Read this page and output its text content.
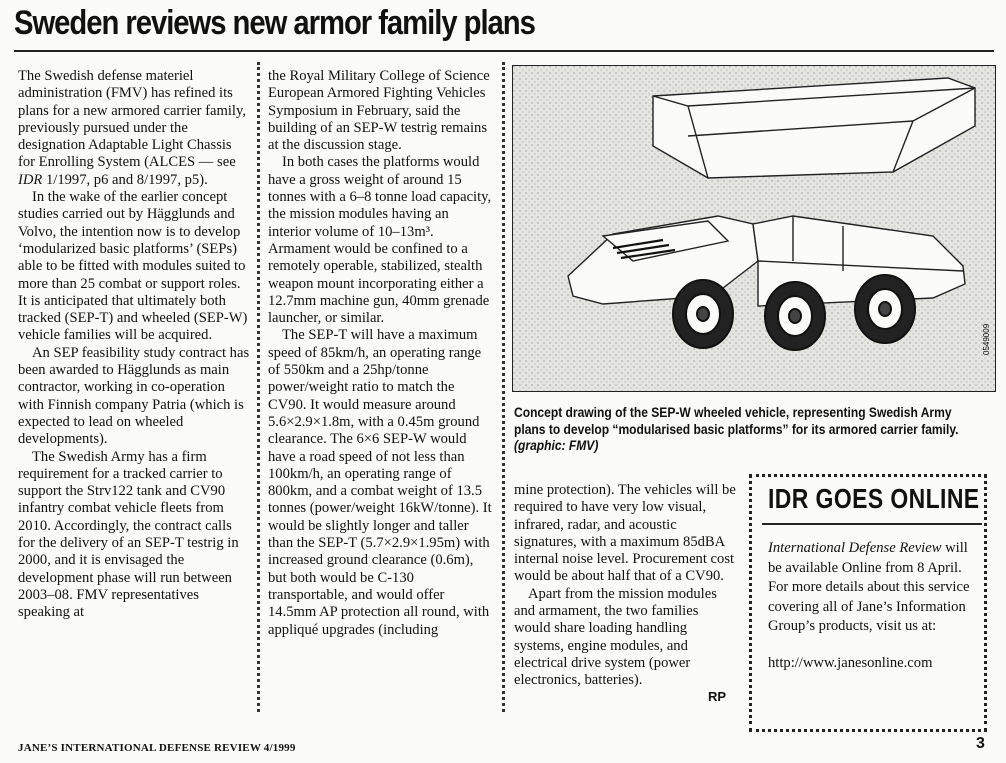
Sweden reviews new armor family plans

The Swedish defense materiel administration (FMV) has refined its plans for a new armored carrier family, previously pursued under the designation Adaptable Light Chassis for Enrolling System (ALCES — see IDR 1/1997, p6 and 8/1997, p5).

In the wake of the earlier concept studies carried out by Hägglunds and Volvo, the intention now is to develop ‘modularized basic platforms’ (SEPs) able to be fitted with modules suited to more than 25 combat or support roles. It is anticipated that ultimately both tracked (SEP-T) and wheeled (SEP-W) vehicle families will be acquired.

An SEP feasibility study contract has been awarded to Hägglunds as main contractor, working in co-operation with Finnish company Patria (which is expected to lead on wheeled developments).

The Swedish Army has a firm requirement for a tracked carrier to support the Strv122 tank and CV90 infantry combat vehicle fleets from 2010. Accordingly, the contract calls for the delivery of an SEP-T testrig in 2000, and it is envisaged the development phase will run between 2003–08. FMV representatives speaking at

the Royal Military College of Science European Armored Fighting Vehicles Symposium in February, said the building of an SEP-W testrig remains at the discussion stage.

In both cases the platforms would have a gross weight of around 15 tonnes with a 6–8 tonne load capacity, the mission modules having an interior volume of 10–13m³. Armament would be confined to a remotely operable, stabilized, stealth weapon mount incorporating either a 12.7mm machine gun, 40mm grenade launcher, or similar.

The SEP-T will have a maximum speed of 85km/h, an operating range of 550km and a 25hp/tonne power/weight ratio to match the CV90. It would measure around 5.6×2.9×1.8m, with a 0.45m ground clearance. The 6×6 SEP-W would have a road speed of not less than 100km/h, an operating range of 800km, and a combat weight of 13.5 tonnes (power/weight 16kW/tonne). It would be slightly longer and taller than the SEP-T (5.7×2.9×1.95m) with increased ground clearance (0.6m), but both would be C-130 transportable, and would offer 14.5mm AP protection all round, with appliqué upgrades (including

0549009
Concept drawing of the SEP-W wheeled vehicle, representing Swedish Army
plans to develop “modularised basic platforms” for its armored carrier family.
(graphic: FMV)

mine protection). The vehicles will be required to have very low visual, infrared, radar, and acoustic signatures, with a maximum 85dBA internal noise level. Procurement cost would be about half that of a CV90.

Apart from the mission modules and armament, the two families would share loading handling systems, engine modules, and electrical drive system (power electronics, batteries).

RP
IDR GOES ONLINE
International Defense Review will be available Online from 8 April. For more details about this service covering all of Jane’s Information Group’s products, visit us at:
http://www.janesonline.com
JANE’S INTERNATIONAL DEFENSE REVIEW 4/1999	3
